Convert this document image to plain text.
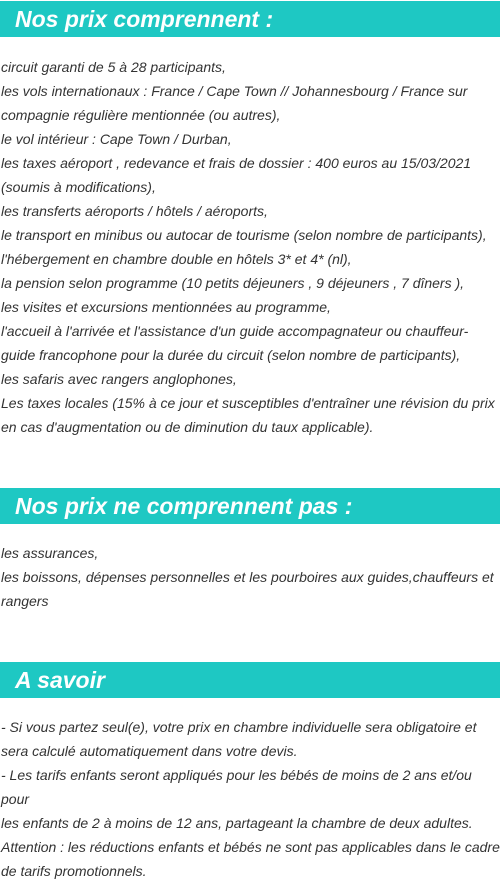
Nos prix comprennent :

circuit garanti de 5 à 28 participants,

les vols internationaux : France / Cape Town // Johannesbourg / France sur

compagnie régulière mentionnée (ou autres),

le vol intérieur : Cape Town / Durban,

les taxes aéroport , redevance et frais de dossier : 400 euros au 15/03/2021

(soumis à modifications),

les transferts aéroports / hôtels / aéroports,

le transport en minibus ou autocar de tourisme (selon nombre de participants),

l'hébergement en chambre double en hôtels 3* et 4* (nl),

la pension selon programme (10 petits déjeuners , 9 déjeuners , 7 dîners ),

les visites et excursions mentionnées au programme,

l'accueil à l'arrivée et l'assistance d'un guide accompagnateur ou chauffeur-

guide francophone pour la durée du circuit (selon nombre de participants),

les safaris avec rangers anglophones,

Les taxes locales (15% à ce jour et susceptibles d'entraîner une révision du prix

en cas d'augmentation ou de diminution du taux applicable).

Nos prix ne comprennent pas :

les assurances,

les boissons, dépenses personnelles et les pourboires aux guides,chauffeurs et

rangers

A savoir

- Si vous partez seul(e), votre prix en chambre individuelle sera obligatoire et

sera calculé automatiquement dans votre devis.

- Les tarifs enfants seront appliqués pour les bébés de moins de 2 ans et/ou pour

les enfants de 2 à moins de 12 ans, partageant la chambre de deux adultes.

Attention : les réductions enfants et bébés ne sont pas applicables dans le cadre

de tarifs promotionnels.
